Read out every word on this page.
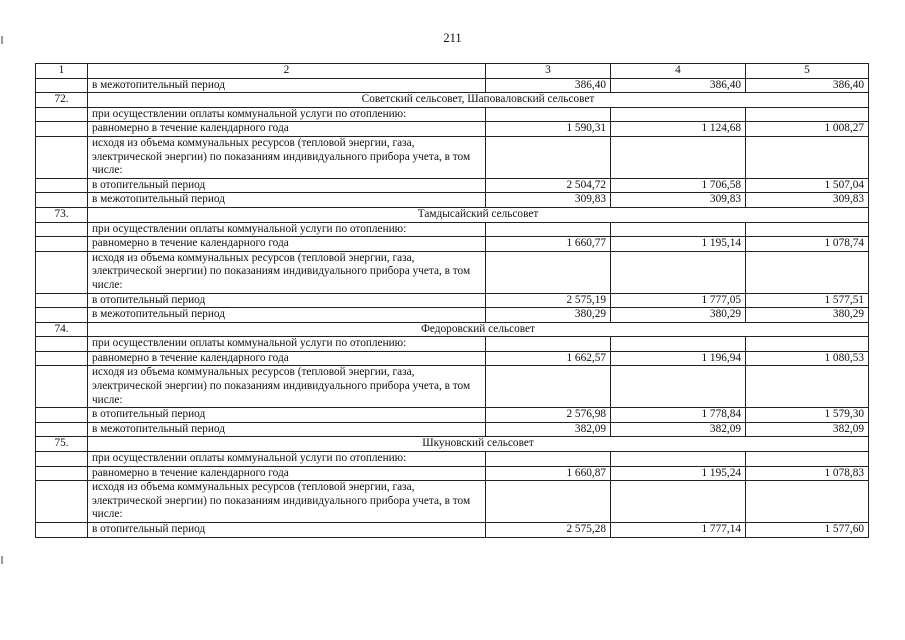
211
1	2	3	4	5
	в межотопительный период	386,40	386,40	386,40
72.	Советский сельсовет, Шаповаловский сельсовет			
	при осуществлении оплаты коммунальной услуги по отоплению:			
	равномерно в течение календарного года	1 590,31	1 124,68	1 008,27
	исходя из объема коммунальных ресурсов (тепловой энергии, газа, электрической энергии) по показаниям индивидуального прибора учета, в том числе:			
	в отопительный период	2 504,72	1 706,58	1 507,04
	в межотопительный период	309,83	309,83	309,83
73.	Тамдысайский сельсовет			
	при осуществлении оплаты коммунальной услуги по отоплению:			
	равномерно в течение календарного года	1 660,77	1 195,14	1 078,74
	исходя из объема коммунальных ресурсов (тепловой энергии, газа, электрической энергии) по показаниям индивидуального прибора учета, в том числе:			
	в отопительный период	2 575,19	1 777,05	1 577,51
	в межотопительный период	380,29	380,29	380,29
74.	Федоровский сельсовет			
	при осуществлении оплаты коммунальной услуги по отоплению:			
	равномерно в течение календарного года	1 662,57	1 196,94	1 080,53
	исходя из объема коммунальных ресурсов (тепловой энергии, газа, электрической энергии) по показаниям индивидуального прибора учета, в том числе:			
	в отопительный период	2 576,98	1 778,84	1 579,30
	в межотопительный период	382,09	382,09	382,09
75.	Шкуновский сельсовет			
	при осуществлении оплаты коммунальной услуги по отоплению:			
	равномерно в течение календарного года	1 660,87	1 195,24	1 078,83
	исходя из объема коммунальных ресурсов (тепловой энергии, газа, электрической энергии) по показаниям индивидуального прибора учета, в том числе:			
	в отопительный период	2 575,28	1 777,14	1 577,60
